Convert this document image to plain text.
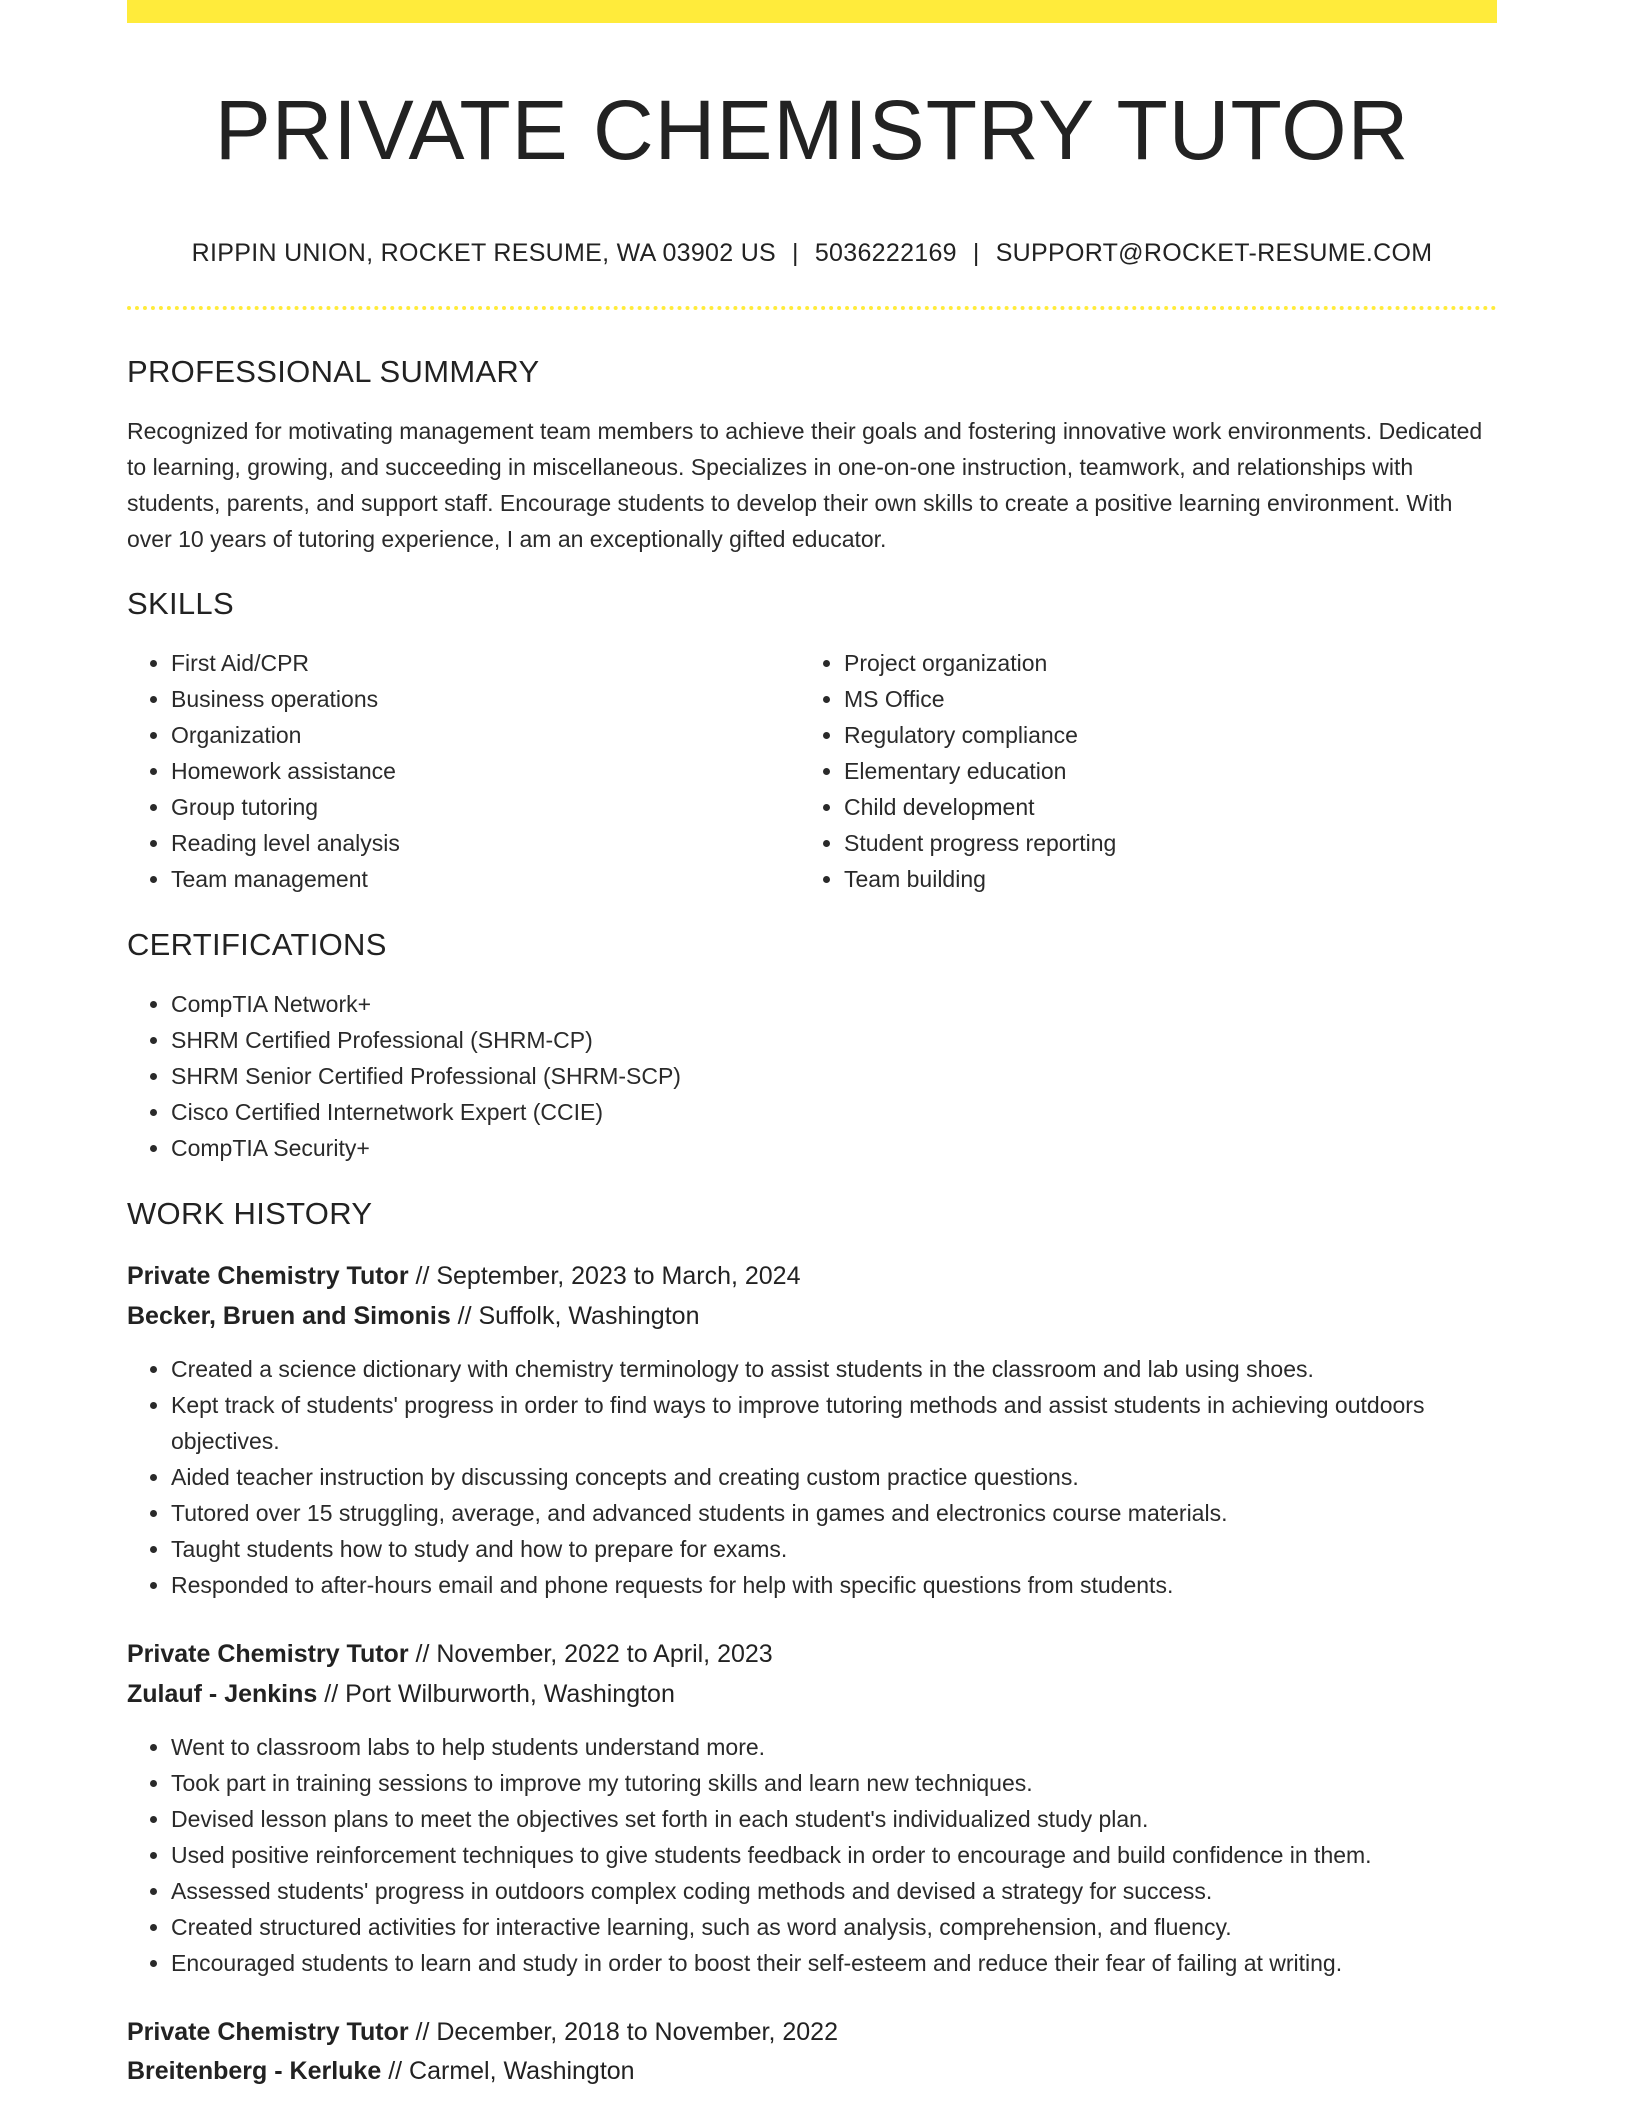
PRIVATE CHEMISTRY TUTOR
RIPPIN UNION, ROCKET RESUME, WA 03902 US | 5036222169 | SUPPORT@ROCKET-RESUME.COM
PROFESSIONAL SUMMARY

Recognized for motivating management team members to achieve their goals and fostering innovative work environments. Dedicated to learning, growing, and succeeding in miscellaneous. Specializes in one-on-one instruction, teamwork, and relationships with students, parents, and support staff. Encourage students to develop their own skills to create a positive learning environment. With over 10 years of tutoring experience, I am an exceptionally gifted educator.

SKILLS
• First Aid/CPR
• Business operations
• Organization
• Homework assistance
• Group tutoring
• Reading level analysis
• Team management
• Project organization
• MS Office
• Regulatory compliance
• Elementary education
• Child development
• Student progress reporting
• Team building
CERTIFICATIONS
• CompTIA Network+
• SHRM Certified Professional (SHRM-CP)
• SHRM Senior Certified Professional (SHRM-SCP)
• Cisco Certified Internetwork Expert (CCIE)
• CompTIA Security+
WORK HISTORY
Private Chemistry Tutor // September, 2023 to March, 2024
Becker, Bruen and Simonis // Suffolk, Washington
• Created a science dictionary with chemistry terminology to assist students in the classroom and lab using shoes.
• Kept track of students' progress in order to find ways to improve tutoring methods and assist students in achieving outdoors objectives.
• Aided teacher instruction by discussing concepts and creating custom practice questions.
• Tutored over 15 struggling, average, and advanced students in games and electronics course materials.
• Taught students how to study and how to prepare for exams.
• Responded to after-hours email and phone requests for help with specific questions from students.
Private Chemistry Tutor // November, 2022 to April, 2023
Zulauf - Jenkins // Port Wilburworth, Washington
• Went to classroom labs to help students understand more.
• Took part in training sessions to improve my tutoring skills and learn new techniques.
• Devised lesson plans to meet the objectives set forth in each student's individualized study plan.
• Used positive reinforcement techniques to give students feedback in order to encourage and build confidence in them.
• Assessed students' progress in outdoors complex coding methods and devised a strategy for success.
• Created structured activities for interactive learning, such as word analysis, comprehension, and fluency.
• Encouraged students to learn and study in order to boost their self-esteem and reduce their fear of failing at writing.
Private Chemistry Tutor // December, 2018 to November, 2022
Breitenberg - Kerluke // Carmel, Washington
